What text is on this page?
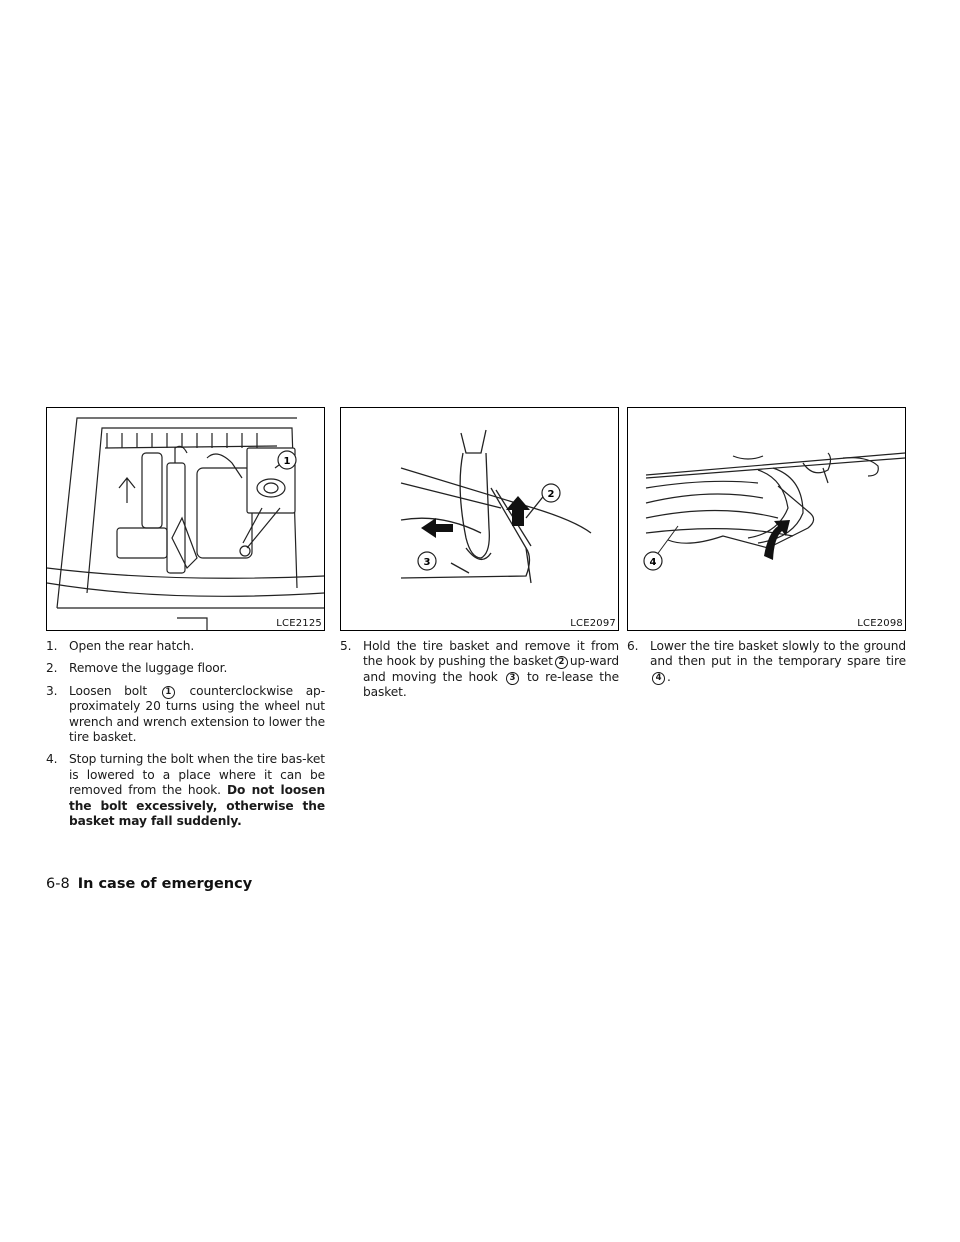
1
LCE2125
1. Open the rear hatch.
2. Remove the luggage floor.
3. Loosen bolt 1 counterclockwise ap-proximately 20 turns using the wheel nut wrench and wrench extension to lower the tire basket.
4. Stop turning the bolt when the tire bas-ket is lowered to a place where it can be removed from the hook. Do not loosen the bolt excessively, otherwise the basket may fall suddenly.
2
3
LCE2097
5. Hold the tire basket and remove it from the hook by pushing the basket 2 up-ward and moving the hook 3 to re-lease the basket.
4
LCE2098
6. Lower the tire basket slowly to the ground and then put in the temporary spare tire4 .
6-8 In case of emergency
